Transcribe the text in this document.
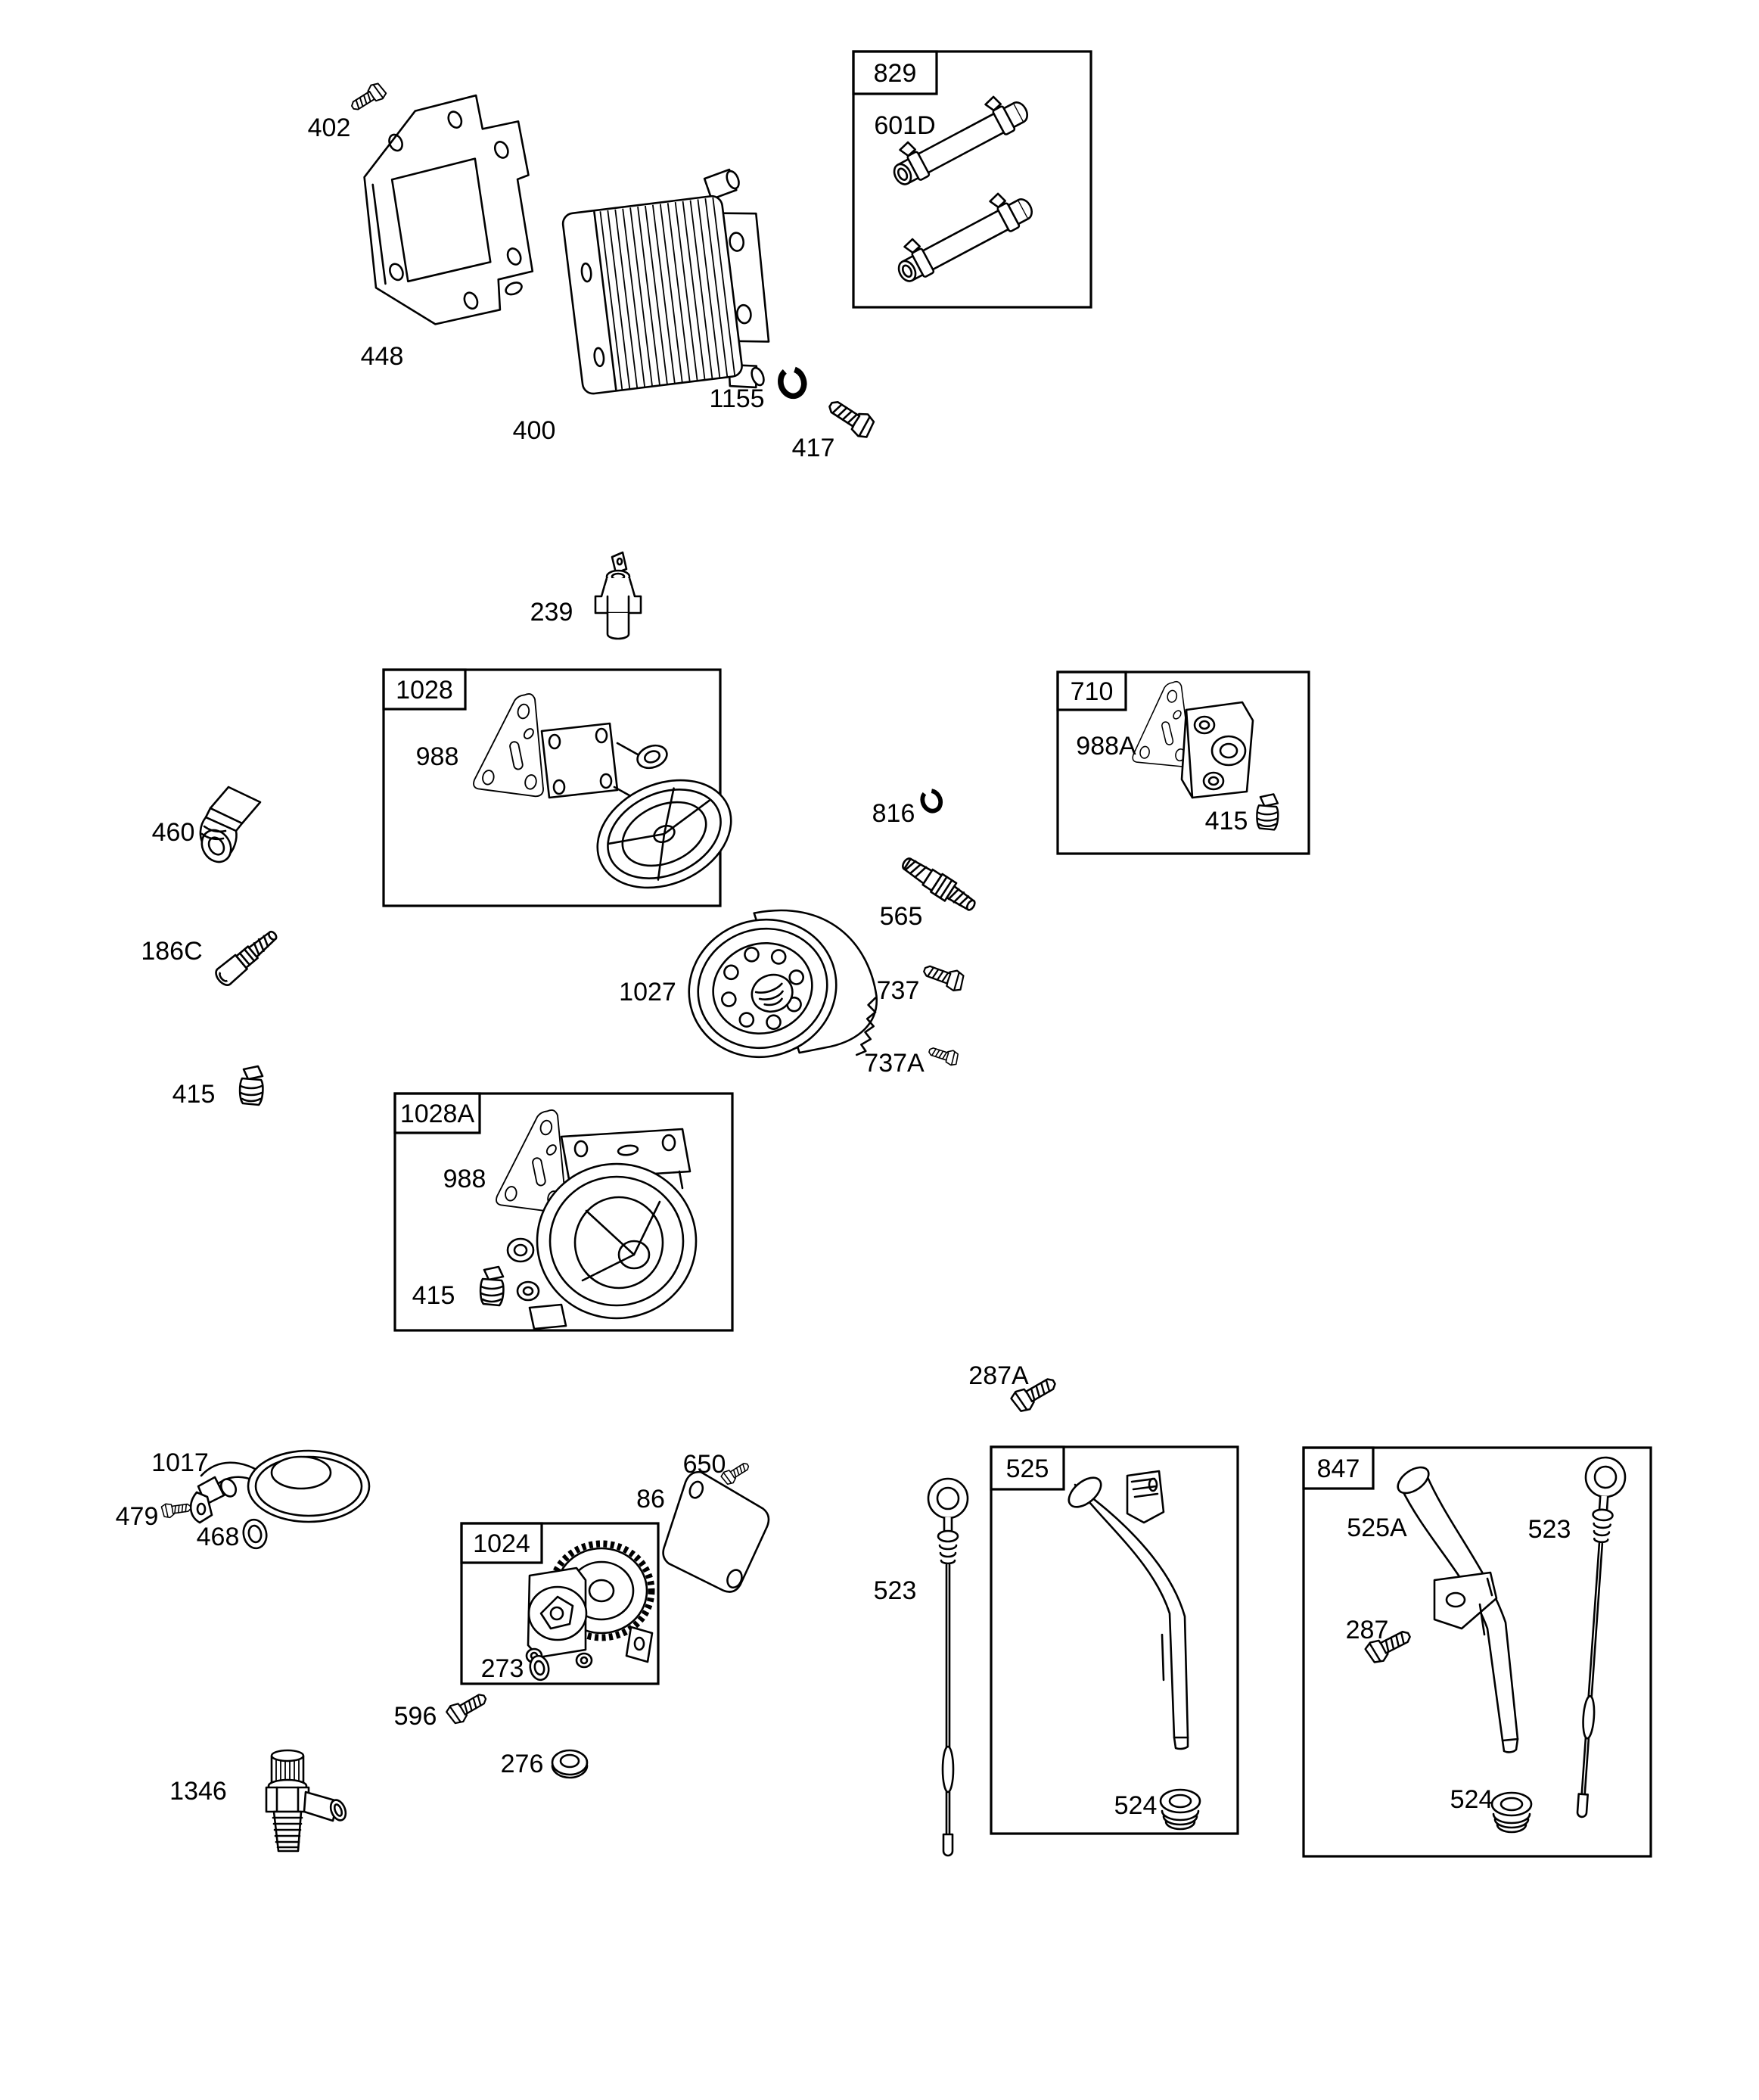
402
448
400
1155
417
829
601D
239
1028
988
460
186C
415
1027
816
565
737
737A
710
988A
415
1028A
988
415
287A
1017
479
468
650
86
1024
273
596
276
1346
523
525
524
847
525A	523
287
524
